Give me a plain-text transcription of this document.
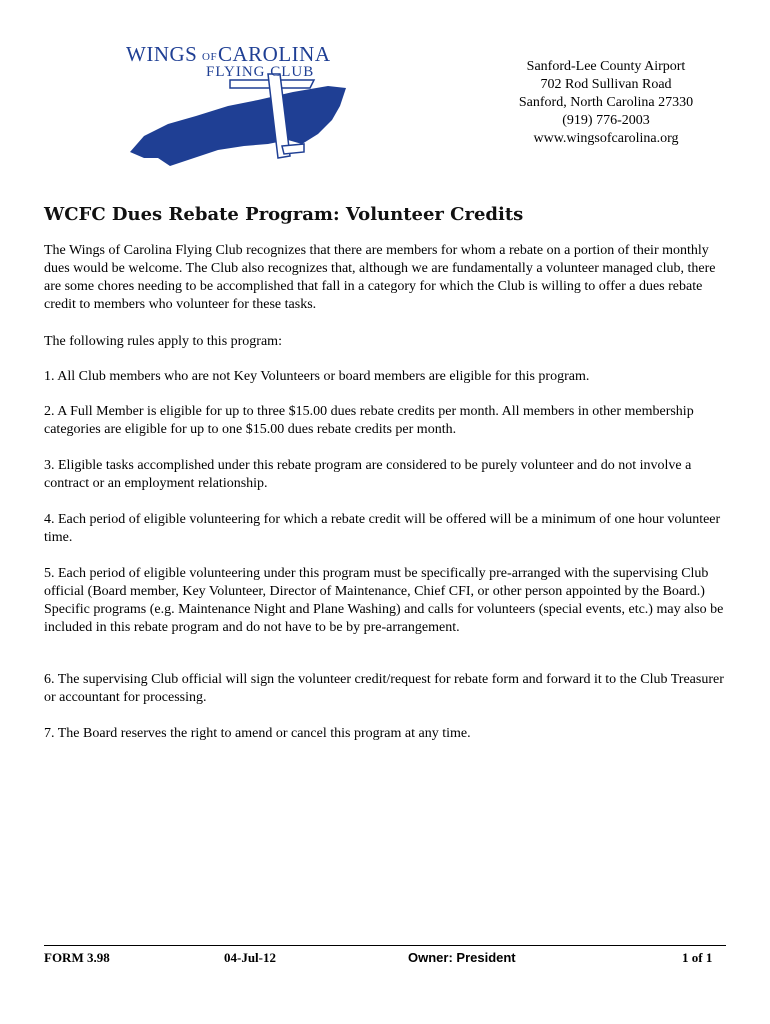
WINGS OF CAROLINA
FLYING CLUB	Sanford-Lee County Airport
702 Rod Sullivan Road
Sanford, North Carolina 27330
(919) 776-2003
www.wingsofcarolina.org
WCFC Dues Rebate Program: Volunteer Credits

The Wings of Carolina Flying Club recognizes that there are members for whom a rebate on a portion of their monthly dues would be welcome. The Club also recognizes that, although we are fundamentally a volunteer managed club, there are some chores needing to be accomplished that fall in a category for which the Club is willing to offer a dues rebate credit to members who volunteer for these tasks.

The following rules apply to this program:

1. All Club members who are not Key Volunteers or board members are eligible for this program.

2. A Full Member is eligible for up to three $15.00 dues rebate credits per month. All members in other membership categories are eligible for up to one $15.00 dues rebate credits per month.

3. Eligible tasks accomplished under this rebate program are considered to be purely volunteer and do not involve a contract or an employment relationship.

4. Each period of eligible volunteering for which a rebate credit will be offered will be a minimum of one hour volunteer time.

5. Each period of eligible volunteering under this program must be specifically pre-arranged with the supervising Club official (Board member, Key Volunteer, Director of Maintenance, Chief CFI, or other person appointed by the Board.) Specific programs (e.g. Maintenance Night and Plane Washing) and calls for volunteers (special events, etc.) may also be included in this rebate program and do not have to be by pre-arrangement.

6. The supervising Club official will sign the volunteer credit/request for rebate form and forward it to the Club Treasurer or accountant for processing.

7. The Board reserves the right to amend or cancel this program at any time.

FORM 3.98	04-Jul-12	Owner: President	1 of 1
